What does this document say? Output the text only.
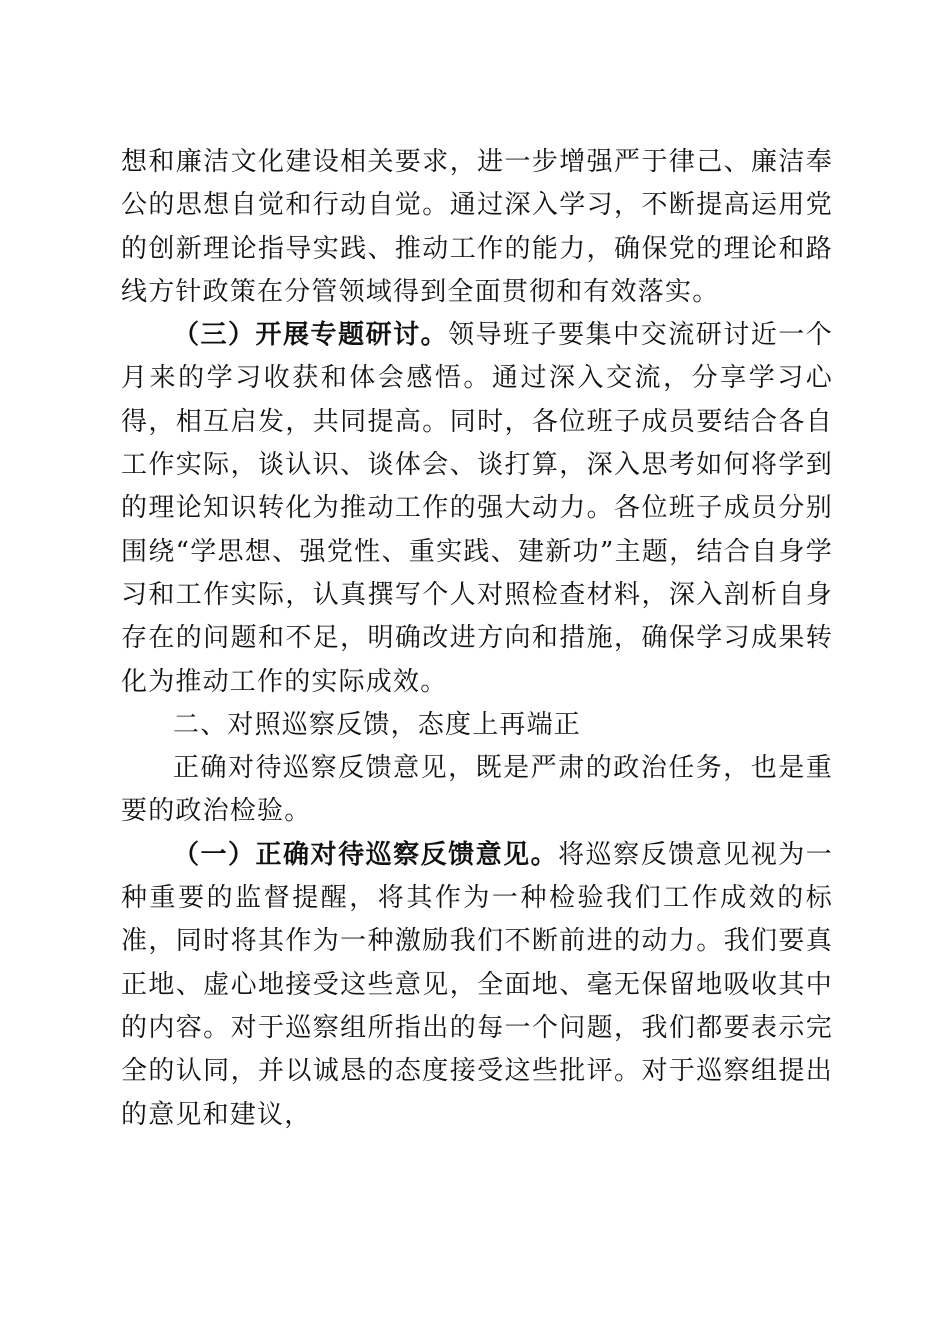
想和廉洁文化建设相关要求，进一步增强严于律己、廉洁奉公的思想自觉和行动自觉。通过深入学习，不断提高运用党的创新理论指导实践、推动工作的能力，确保党的理论和路线方针政策在分管领域得到全面贯彻和有效落实。

（三）开展专题研讨。领导班子要集中交流研讨近一个月来的学习收获和体会感悟。通过深入交流，分享学习心得，相互启发，共同提高。同时，各位班子成员要结合各自工作实际，谈认识、谈体会、谈打算，深入思考如何将学到的理论知识转化为推动工作的强大动力。各位班子成员分别围绕“学思想、强党性、重实践、建新功”主题，结合自身学习和工作实际，认真撰写个人对照检查材料，深入剖析自身存在的问题和不足，明确改进方向和措施，确保学习成果转化为推动工作的实际成效。

二、对照巡察反馈，态度上再端正

正确对待巡察反馈意见，既是严肃的政治任务，也是重要的政治检验。

（一）正确对待巡察反馈意见。将巡察反馈意见视为一种重要的监督提醒，将其作为一种检验我们工作成效的标准，同时将其作为一种激励我们不断前进的动力。我们要真正地、虚心地接受这些意见，全面地、毫无保留地吸收其中的内容。对于巡察组所指出的每一个问题，我们都要表示完全的认同，并以诚恳的态度接受这些批评。对于巡察组提出的意见和建议，
